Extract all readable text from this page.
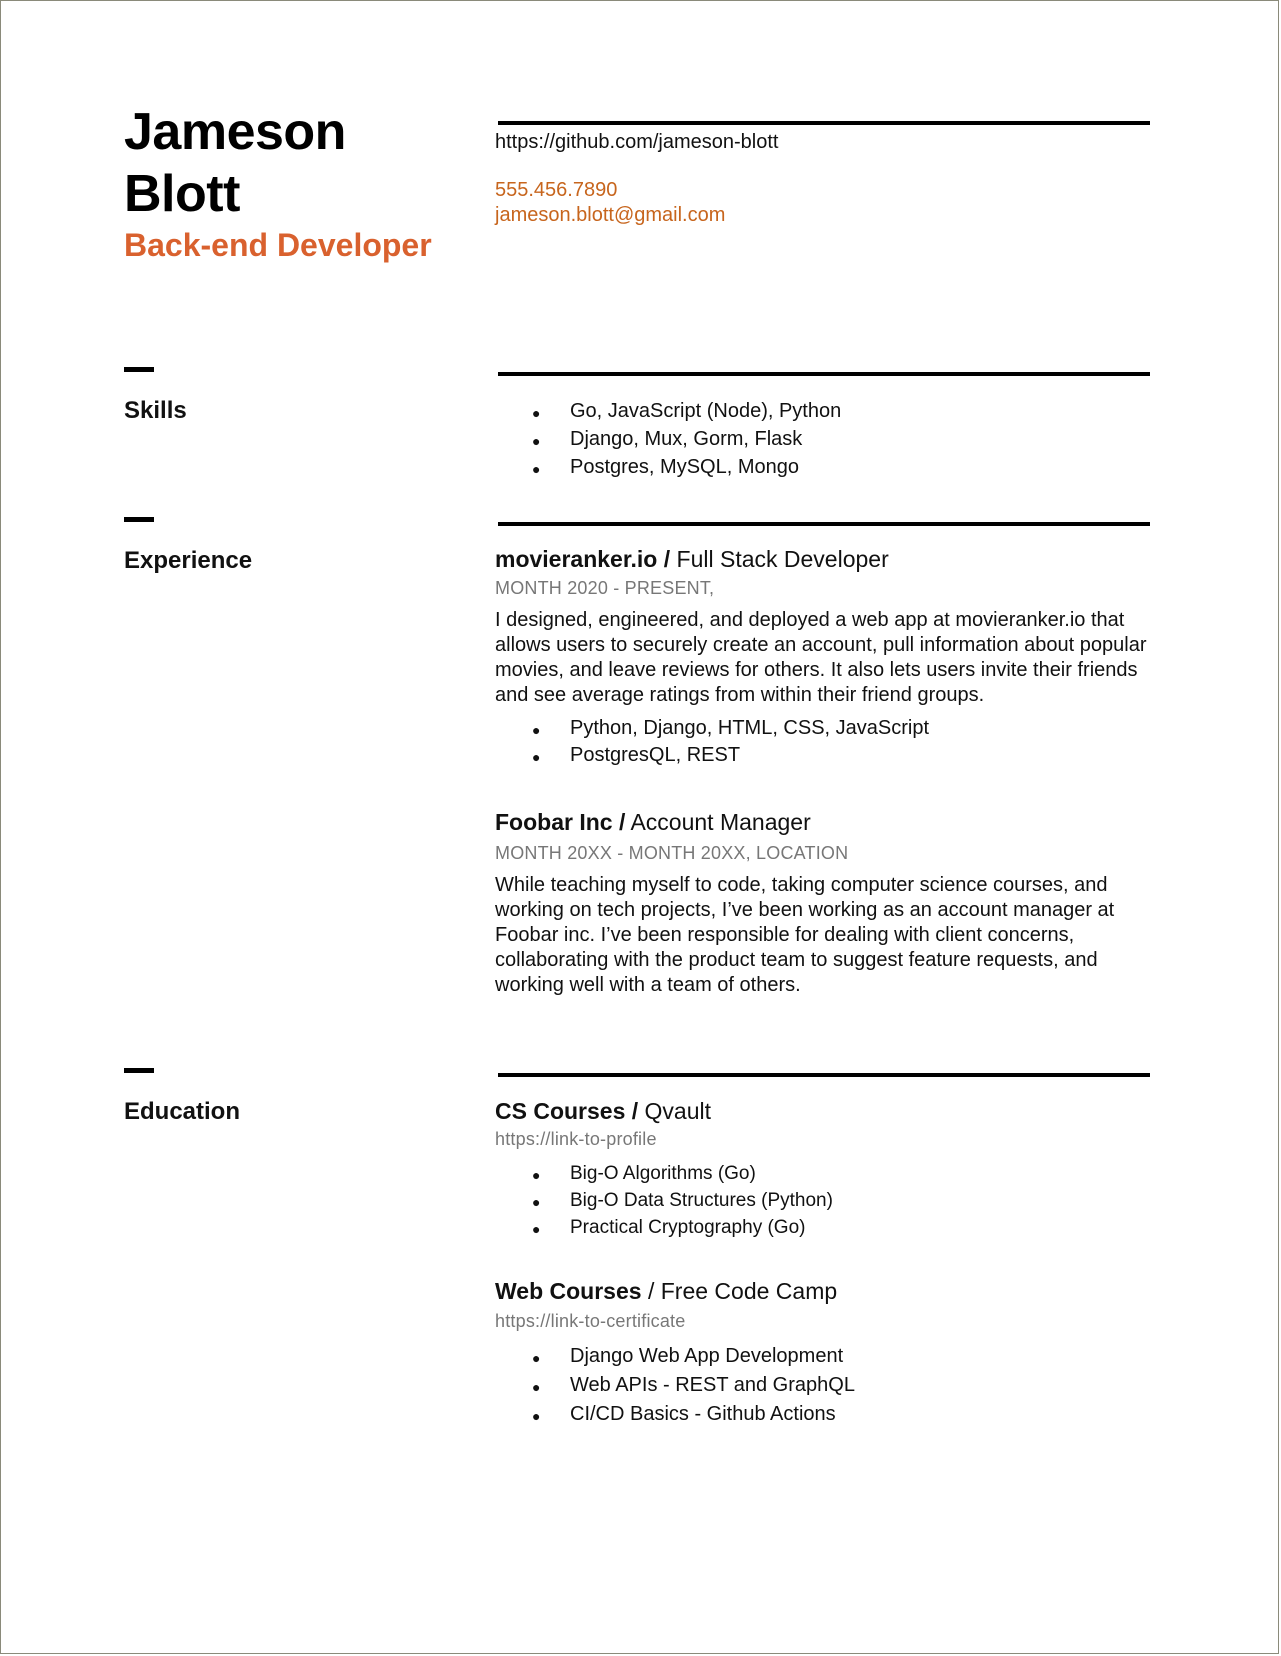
Jameson
Blott
Back-end Developer
https://github.com/jameson-blott
555.456.7890
jameson.blott@gmail.com
Skills
●	Go, JavaScript (Node), Python
● Django, Mux, Gorm, Flask
● Postgres, MySQL, Mongo
Experience	movieranker.io / Full Stack Developer
MONTH 2020 - PRESENT,
I designed, engineered, and deployed a web app at movieranker.io that allows users to securely create an account, pull information about popular movies, and leave reviews for others. It also lets users invite their friends and see average ratings from within their friend groups.
● Python, Django, HTML, CSS, JavaScript
● PostgresQL, REST
Foobar Inc / Account Manager
MONTH 20XX - MONTH 20XX, LOCATION
While teaching myself to code, taking computer science courses, and working on tech projects, I’ve been working as an account manager at Foobar inc. I’ve been responsible for dealing with client concerns, collaborating with the product team to suggest feature requests, and working well with a team of others.
Education	CS Courses / Qvault
https://link-to-profile
● Big-O Algorithms (Go)
● Big-O Data Structures (Python)
● Practical Cryptography (Go)
Web Courses / Free Code Camp
https://link-to-certificate
● Django Web App Development
● Web APIs - REST and GraphQL
● CI/CD Basics - Github Actions
